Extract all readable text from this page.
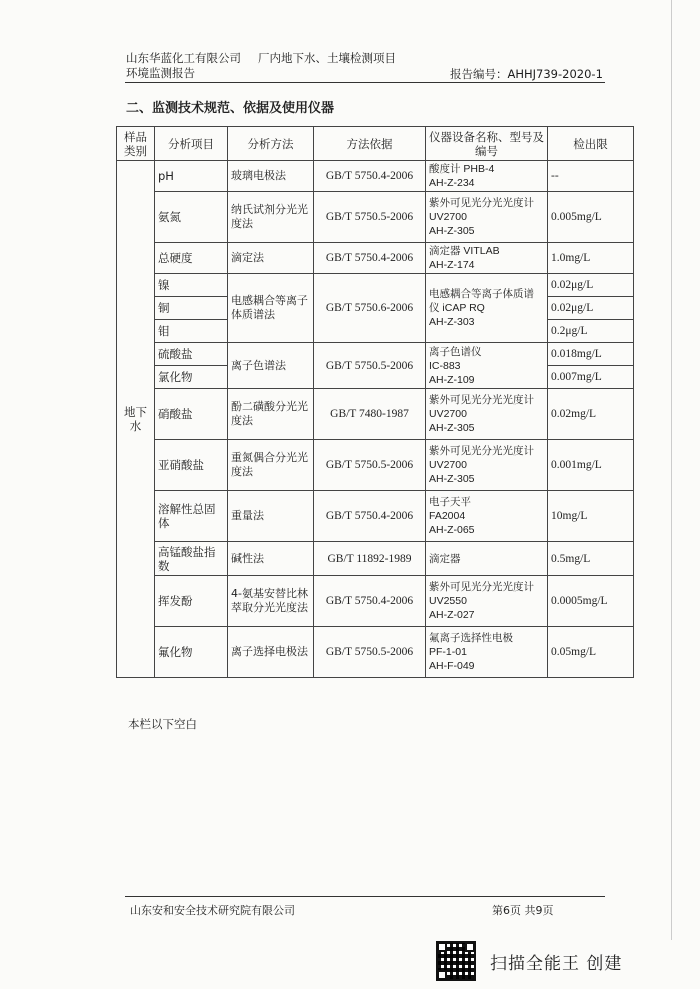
山东华蓝化工有限公司 厂内地下水、土壤检测项目
环境监测报告	报告编号：AHHJ739-2020-1
二、监测技术规范、依据及使用仪器
样品类别	分析项目	分析方法	方法依据	仪器设备名称、型号及编号	检出限
地下水	pH	玻璃电极法	GB/T 5750.4-2006	酸度计 PHB-4
AH-Z-234	--
	氨氮	纳氏试剂分光光度法	GB/T 5750.5-2006	紫外可见光分光光度计 UV2700
AH-Z-305	0.005mg/L
	总硬度	滴定法	GB/T 5750.4-2006	滴定器 VITLAB
AH-Z-174	1.0mg/L
	镍	电感耦合等离子体质谱法	GB/T 5750.6-2006	电感耦合等离子体质谱仪 iCAP RQ
AH-Z-303	0.02μg/L
	铜				0.02μg/L
	钼				0.2μg/L
	硫酸盐	离子色谱法	GB/T 5750.5-2006	离子色谱仪
IC-883
AH-Z-109	0.018mg/L
	氯化物				0.007mg/L
	硝酸盐	酚二磺酸分光光度法	GB/T 7480-1987	紫外可见光分光光度计 UV2700
AH-Z-305	0.02mg/L
	亚硝酸盐	重氮偶合分光光度法	GB/T 5750.5-2006	紫外可见光分光光度计 UV2700
AH-Z-305	0.001mg/L
	溶解性总固体	重量法	GB/T 5750.4-2006	电子天平
FA2004
AH-Z-065	10mg/L
	高锰酸盐指数	碱性法	GB/T 11892-1989	滴定器	0.5mg/L
	挥发酚	4-氨基安替比林萃取分光光度法	GB/T 5750.4-2006	紫外可见光分光光度计 UV2550
AH-Z-027	0.0005mg/L
	氟化物	离子选择电极法	GB/T 5750.5-2006	氟离子选择性电极
PF-1-01
AH-F-049	0.05mg/L
本栏以下空白
山东安和安全技术研究院有限公司	第6页 共9页
扫描全能王 创建
